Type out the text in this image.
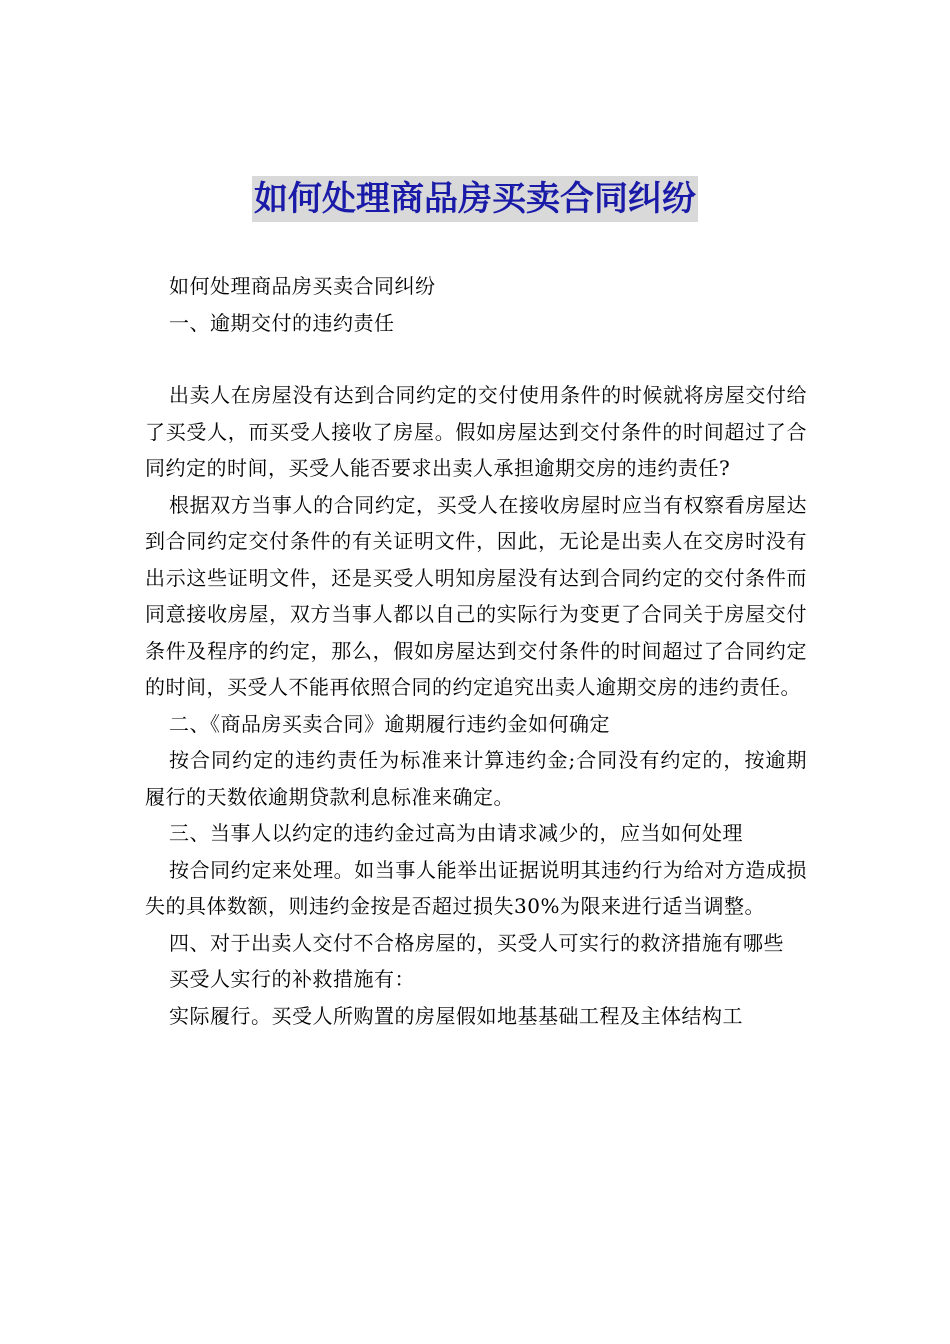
如何处理商品房买卖合同纠纷

如何处理商品房买卖合同纠纷

一、逾期交付的违约责任

出卖人在房屋没有达到合同约定的交付使用条件的时候就将房屋交付给了买受人，而买受人接收了房屋。假如房屋达到交付条件的时间超过了合同约定的时间，买受人能否要求出卖人承担逾期交房的违约责任?

根据双方当事人的合同约定，买受人在接收房屋时应当有权察看房屋达到合同约定交付条件的有关证明文件，因此，无论是出卖人在交房时没有出示这些证明文件，还是买受人明知房屋没有达到合同约定的交付条件而同意接收房屋，双方当事人都以自己的实际行为变更了合同关于房屋交付条件及程序的约定，那么，假如房屋达到交付条件的时间超过了合同约定的时间，买受人不能再依照合同的约定追究出卖人逾期交房的违约责任。

二、《商品房买卖合同》逾期履行违约金如何确定

按合同约定的违约责任为标准来计算违约金;合同没有约定的，按逾期履行的天数依逾期贷款利息标准来确定。

三、当事人以约定的违约金过高为由请求减少的，应当如何处理

按合同约定来处理。如当事人能举出证据说明其违约行为给对方造成损失的具体数额，则违约金按是否超过损失30%为限来进行适当调整。

四、对于出卖人交付不合格房屋的，买受人可实行的救济措施有哪些

买受人实行的补救措施有：

实际履行。买受人所购置的房屋假如地基基础工程及主体结构工
